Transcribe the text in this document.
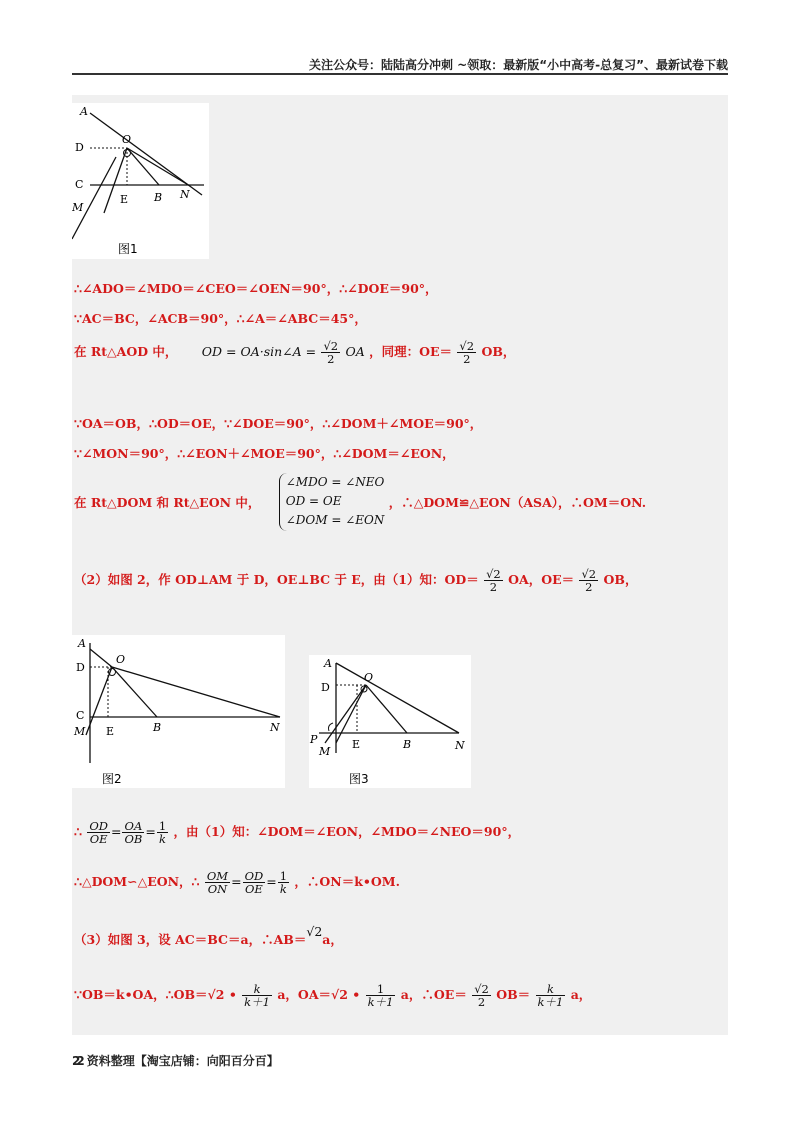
关注公众号：陆陆高分冲刺 ~领取：最新版“小中高考-总复习”、最新试卷下载
A
O
D
C
M
E B N
图1
∴∠ADO＝∠MDO＝∠CEO＝∠OEN＝90°，∴∠DOE＝90°，
∵AC＝BC，∠ACB＝90°，∴∠A＝∠ABC＝45°，
在 Rt△AOD 中， OD = OA·sin∠A = $\frac{√2}{2}$ OA ，同理：$OE= \frac{√2}{2}$ OB，
∵OA＝OB，∴OD＝OE，∵∠DOE＝90°，∴∠DOM＋∠MOE＝90°，
∵∠MON＝90°，∴∠EON＋∠MOE＝90°，∴∠DOM＝∠EON，
在 Rt△DOM 和 Rt△EON 中， ∠MDO = ∠NEO
OD = OE
∠DOM = ∠EON ，∴△DOM≌△EON（ASA），∴OM＝ON.
（2）如图 2，作 OD⊥AM 于 D，OE⊥BC 于 E，由（1）知：$OD= \frac{√2}{2}$ OA，$OE= \frac{√2}{2}$ OB，
A
O
D
C
M E	B	N
图2
A
O
D
P
M
E	B	N
图3
∴ $\frac{OD}{OE} = \frac{OA}{OB} = \frac{1}{k}$ ，由（1）知：∠DOM＝∠EON，∠MDO＝∠NEO＝90°，
∴△DOM∽△EON，∴ $\frac{OM}{ON} = \frac{OD}{OE} = \frac{1}{k}$ ，∴ON＝k•OM.
（3）如图 3，设 AC＝BC＝a，∴AB＝√2a，
∵OB＝k•OA，∴OB＝√2 • $\frac{k}{k+1}$ a，OA＝√2 • $\frac{1}{k+1}$ a，∴OE＝ $\frac{√2}{2} OB= \frac{k}{k+1}$ a，
22 资料整理【淘宝店铺：向阳百分百】
